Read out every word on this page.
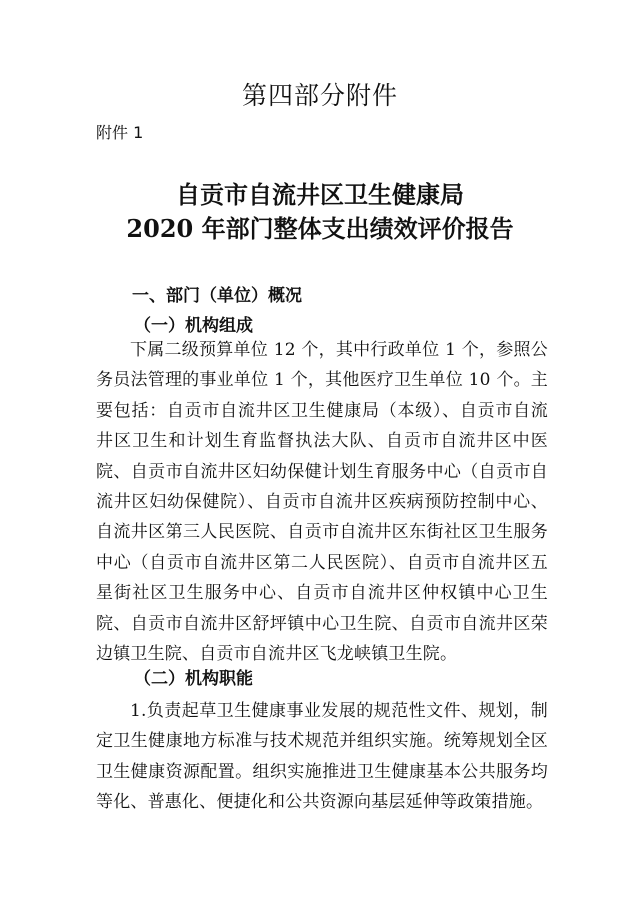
第四部分附件
附件 1
自贡市自流井区卫生健康局
2020 年部门整体支出绩效评价报告
一、部门（单位）概况
（一）机构组成

下属二级预算单位 12 个，其中行政单位 1 个，参照公务员法管理的事业单位 1 个，其他医疗卫生单位 10 个。主要包括：自贡市自流井区卫生健康局（本级）、自贡市自流井区卫生和计划生育监督执法大队、自贡市自流井区中医院、自贡市自流井区妇幼保健计划生育服务中心（自贡市自流井区妇幼保健院）、自贡市自流井区疾病预防控制中心、自流井区第三人民医院、自贡市自流井区东街社区卫生服务中心（自贡市自流井区第二人民医院）、自贡市自流井区五星街社区卫生服务中心、自贡市自流井区仲权镇中心卫生院、自贡市自流井区舒坪镇中心卫生院、自贡市自流井区荣边镇卫生院、自贡市自流井区飞龙峡镇卫生院。

（二）机构职能

1.负责起草卫生健康事业发展的规范性文件、规划，制定卫生健康地方标准与技术规范并组织实施。统筹规划全区卫生健康资源配置。组织实施推进卫生健康基本公共服务均等化、普惠化、便捷化和公共资源向基层延伸等政策措施。
